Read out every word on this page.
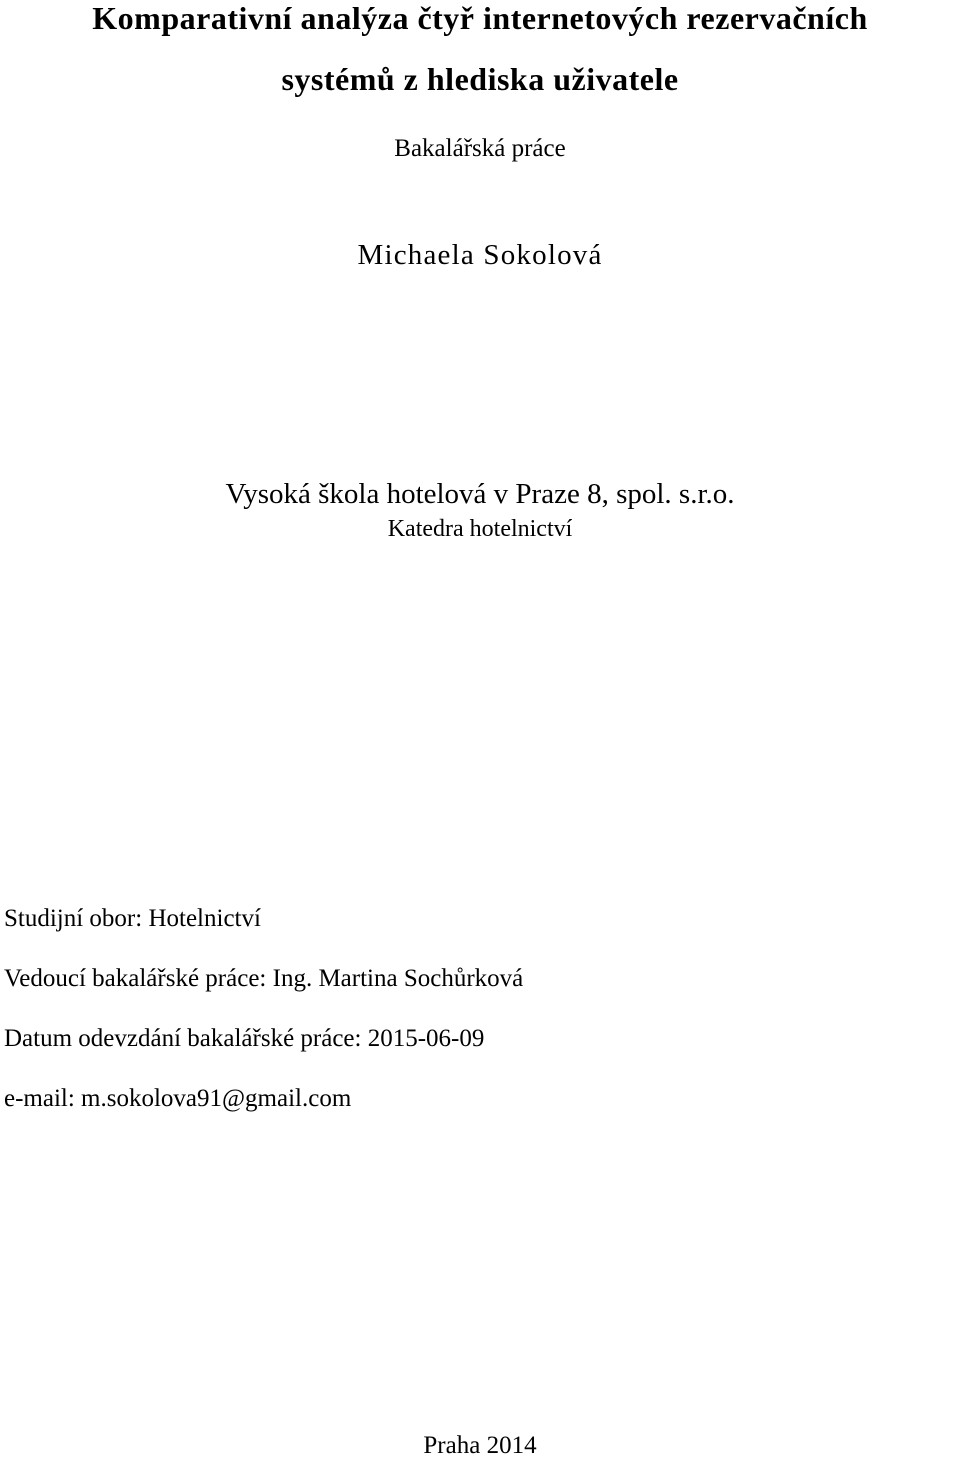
Komparativní analýza čtyř internetových rezervačních
systémů z hlediska uživatele
Bakalářská práce
Michaela Sokolová
Vysoká škola hotelová v Praze 8, spol. s.r.o.
Katedra hotelnictví
Studijní obor: Hotelnictví
Vedoucí bakalářské práce: Ing. Martina Sochůrková
Datum odevzdání bakalářské práce: 2015-06-09
e-mail: m.sokolova91@gmail.com
Praha 2014
